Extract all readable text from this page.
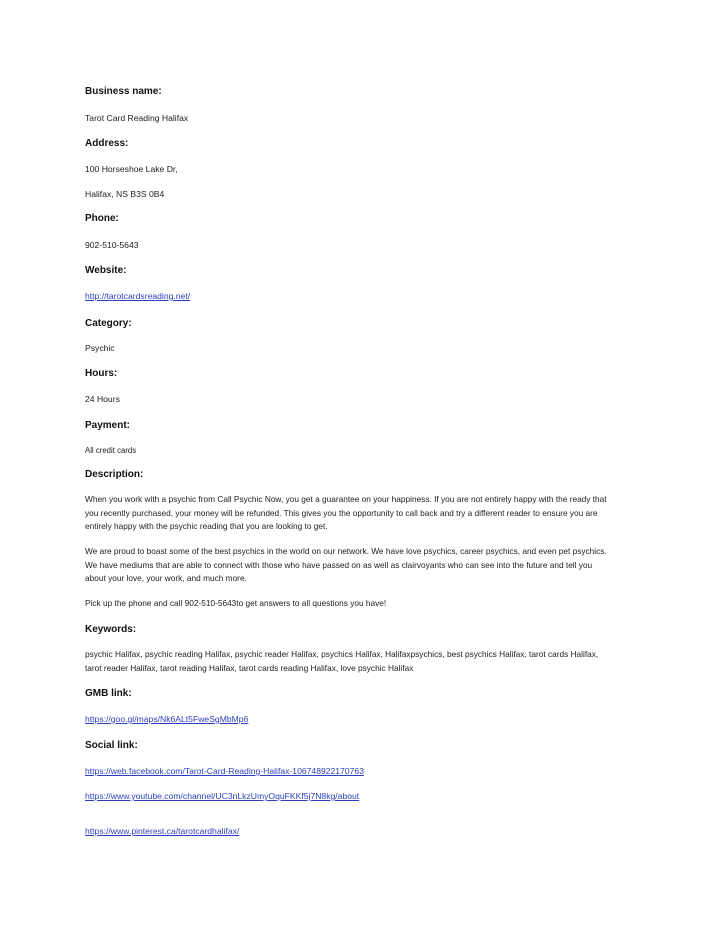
Business name:
Tarot Card Reading Halifax
Address:
100 Horseshoe Lake Dr,
Halifax, NS B3S 0B4
Phone:
902-510-5643
Website:
http://tarotcardsreading.net/
Category:
Psychic
Hours:
24 Hours
Payment:
All credit cards
Description:
When you work with a psychic from Call Psychic Now, you get a guarantee on your happiness. If you are not entirely happy with the ready that
you recently purchased, your money will be refunded. This gives you the opportunity to call back and try a different reader to ensure you are
entirely happy with the psychic reading that you are looking to get.
We are proud to boast some of the best psychics in the world on our network. We have love psychics, career psychics, and even pet psychics.
We have mediums that are able to connect with those who have passed on as well as clairvoyants who can see into the future and tell you
about your love, your work, and much more.
Pick up the phone and call 902-510-5643to get answers to all questions you have!
Keywords:
psychic Halifax, psychic reading Halifax, psychic reader Halifax, psychics Halifax, Halifaxpsychics, best psychics Halifax, tarot cards Halifax,
tarot reader Halifax, tarot reading Halifax, tarot cards reading Halifax, love psychic Halifax
GMB link:
https://goo.gl/maps/Nk6ALt5FweSgMbMp6
Social link:
https://web.facebook.com/Tarot-Card-Reading-Halifax-106748922170763
https://www.youtube.com/channel/UC3nLkzUmyOquFKKf5j7N8kg/about
https://www.pinterest.ca/tarotcardhalifax/
